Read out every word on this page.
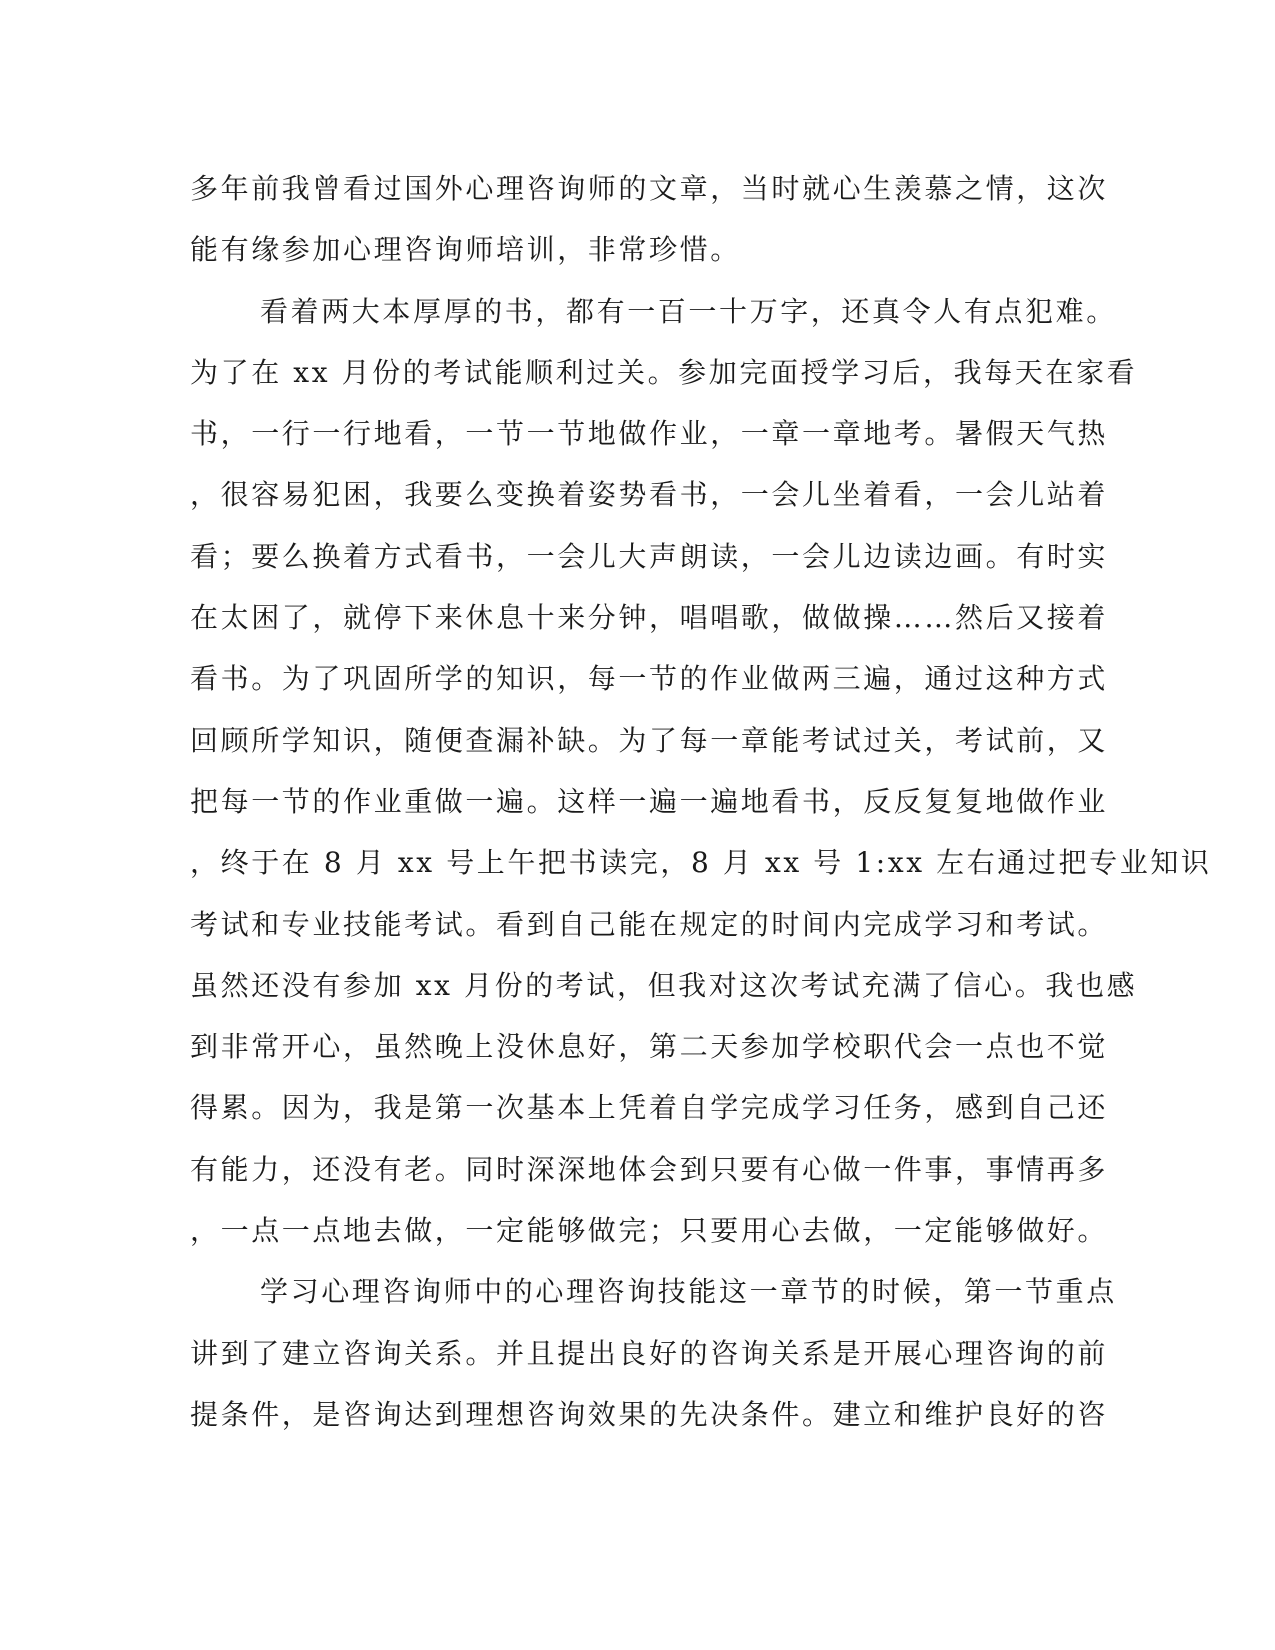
多年前我曾看过国外心理咨询师的文章，当时就心生羡慕之情，这次
能有缘参加心理咨询师培训，非常珍惜。
看着两大本厚厚的书，都有一百一十万字，还真令人有点犯难。
为了在 xx 月份的考试能顺利过关。参加完面授学习后，我每天在家看
书，一行一行地看，一节一节地做作业，一章一章地考。暑假天气热
，很容易犯困，我要么变换着姿势看书，一会儿坐着看，一会儿站着
看；要么换着方式看书，一会儿大声朗读，一会儿边读边画。有时实
在太困了，就停下来休息十来分钟，唱唱歌，做做操……然后又接着
看书。为了巩固所学的知识，每一节的作业做两三遍，通过这种方式
回顾所学知识，随便查漏补缺。为了每一章能考试过关，考试前，又
把每一节的作业重做一遍。这样一遍一遍地看书，反反复复地做作业
，终于在 8 月 xx 号上午把书读完，8 月 xx 号 1:xx 左右通过把专业知识
考试和专业技能考试。看到自己能在规定的时间内完成学习和考试。
虽然还没有参加 xx 月份的考试，但我对这次考试充满了信心。我也感
到非常开心，虽然晚上没休息好，第二天参加学校职代会一点也不觉
得累。因为，我是第一次基本上凭着自学完成学习任务，感到自己还
有能力，还没有老。同时深深地体会到只要有心做一件事，事情再多
，一点一点地去做，一定能够做完；只要用心去做，一定能够做好。
学习心理咨询师中的心理咨询技能这一章节的时候，第一节重点
讲到了建立咨询关系。并且提出良好的咨询关系是开展心理咨询的前
提条件，是咨询达到理想咨询效果的先决条件。建立和维护良好的咨
